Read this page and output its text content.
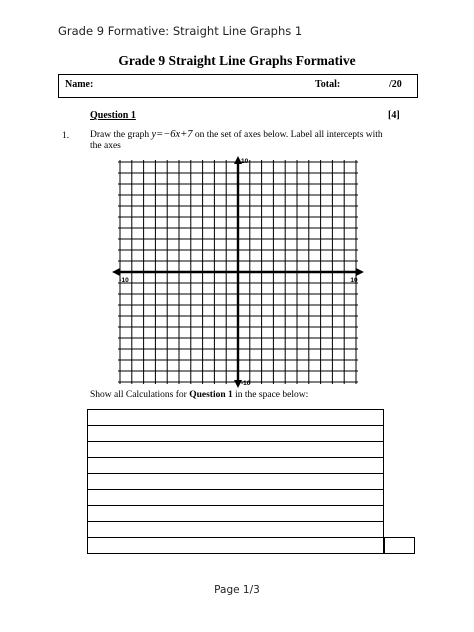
Grade 9 Formative: Straight Line Graphs 1
Grade 9 Straight Line Graphs Formative
Name:	Total:	/20
Question 1	[4]
1. Draw the graph y=−6x+7 on the set of axes below. Label all intercepts with the axes
-10	10
10
-10
Show all Calculations for Question 1 in the space below:
Page 1/3
